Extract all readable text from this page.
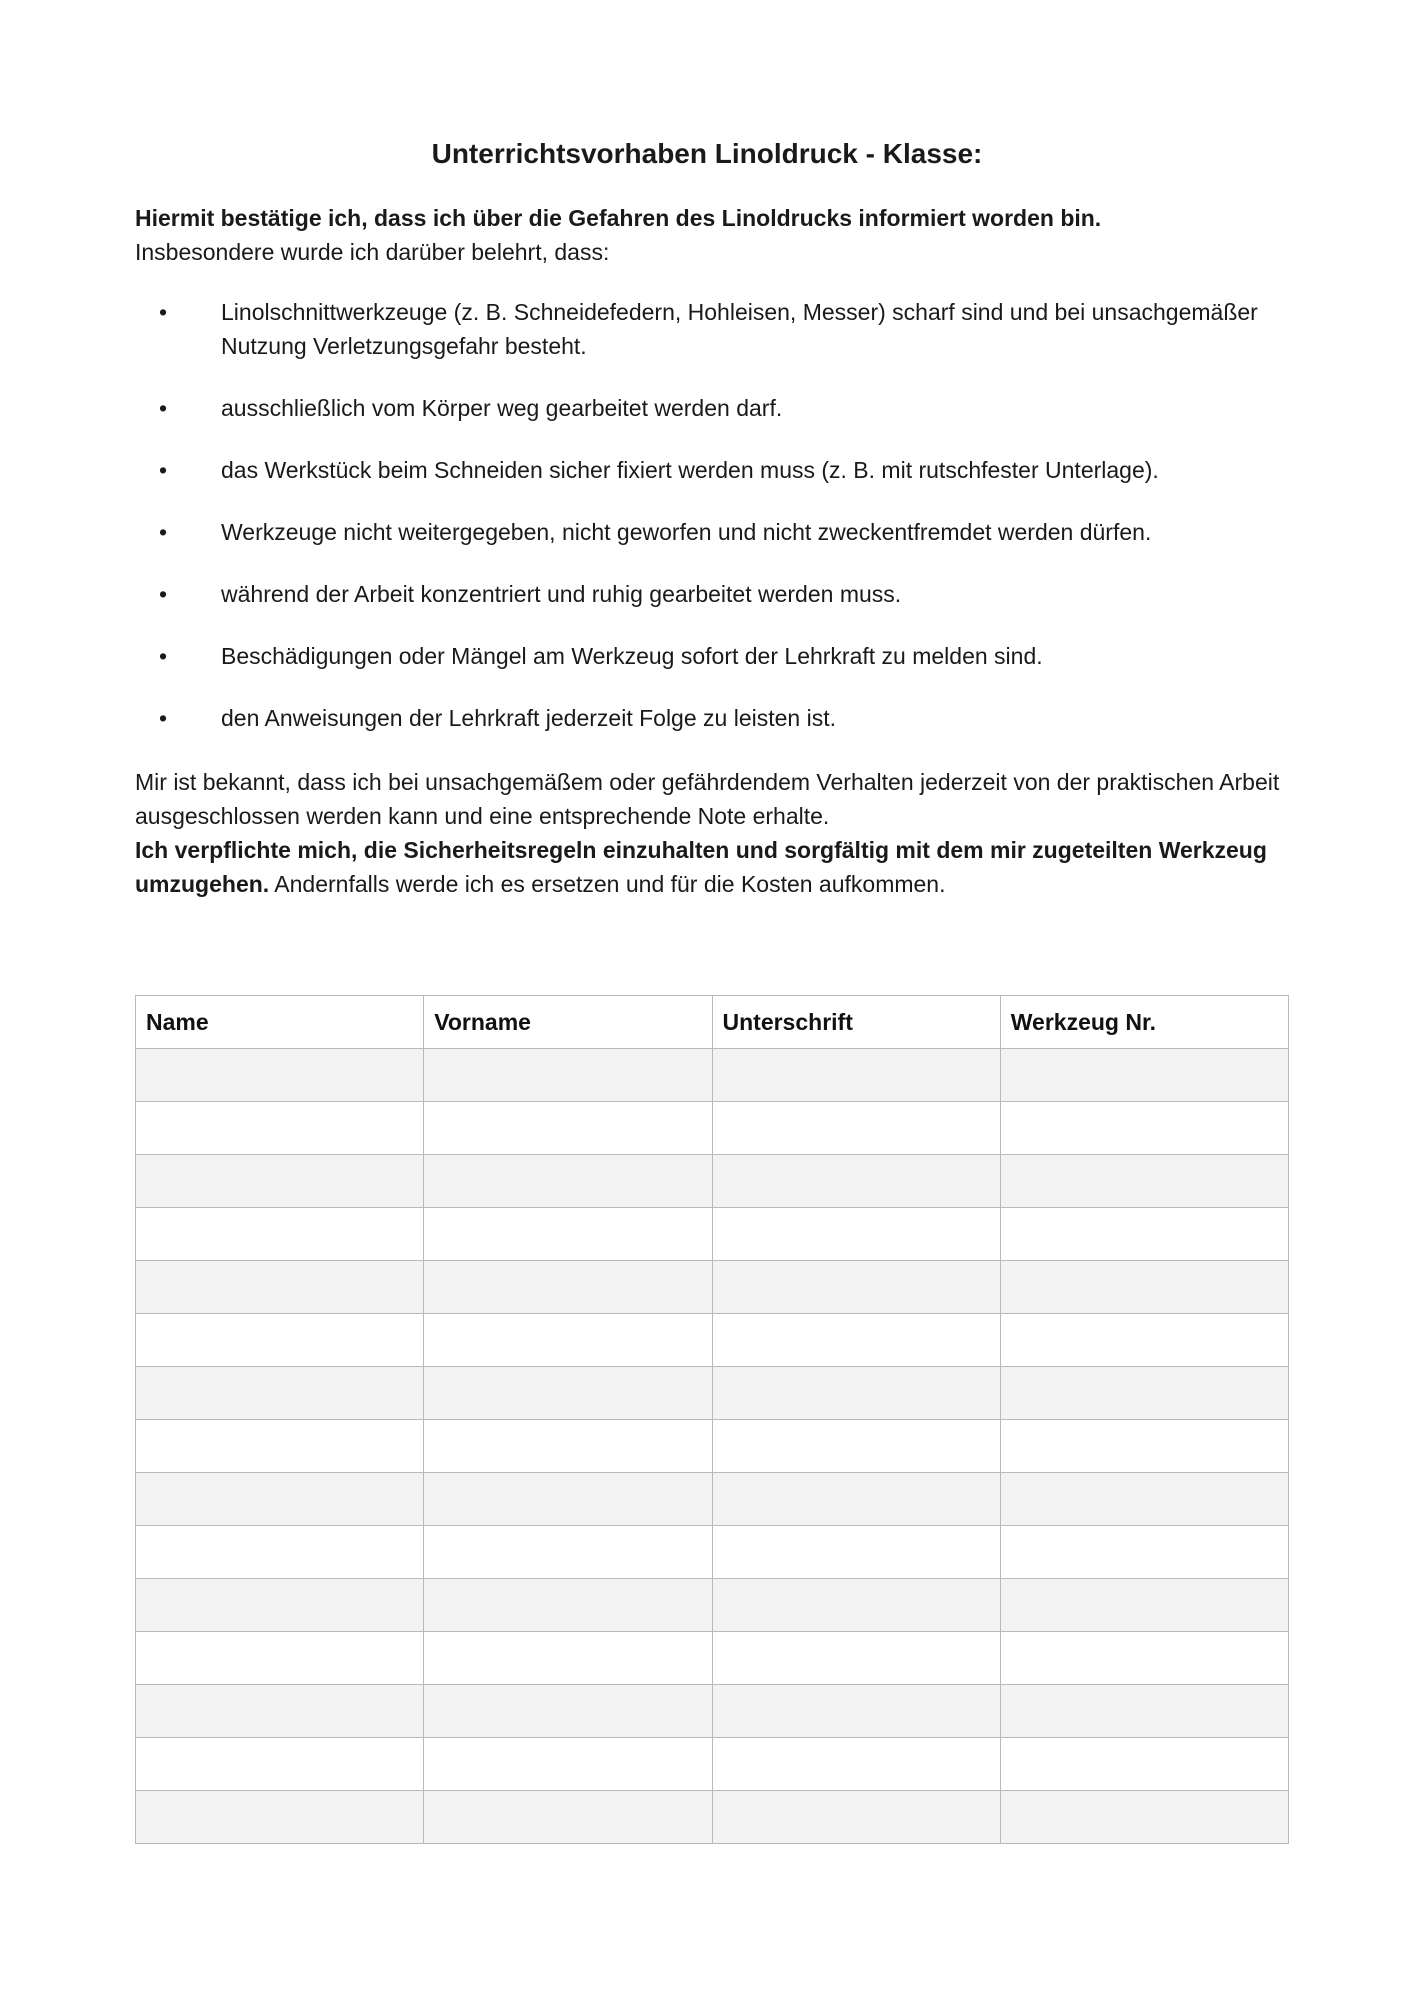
Unterrichtsvorhaben Linoldruck - Klasse:
Hiermit bestätige ich, dass ich über die Gefahren des Linoldrucks informiert worden bin.
Insbesondere wurde ich darüber belehrt, dass:
•	Linolschnittwerkzeuge (z. B. Schneidefedern, Hohleisen, Messer) scharf sind und bei unsachgemäßer Nutzung Verletzungsgefahr besteht.
•	ausschließlich vom Körper weg gearbeitet werden darf.
•	das Werkstück beim Schneiden sicher fixiert werden muss (z. B. mit rutschfester Unterlage).
•	Werkzeuge nicht weitergegeben, nicht geworfen und nicht zweckentfremdet werden dürfen.
•	während der Arbeit konzentriert und ruhig gearbeitet werden muss.
•	Beschädigungen oder Mängel am Werkzeug sofort der Lehrkraft zu melden sind.
•	den Anweisungen der Lehrkraft jederzeit Folge zu leisten ist.

Mir ist bekannt, dass ich bei unsachgemäßem oder gefährdendem Verhalten jederzeit von der praktischen Arbeit ausgeschlossen werden kann und eine entsprechende Note erhalte.
Ich verpflichte mich, die Sicherheitsregeln einzuhalten und sorgfältig mit dem mir zugeteilten Werkzeug umzugehen. Andernfalls werde ich es ersetzen und für die Kosten aufkommen.

Name	Vorname	Unterschrift	Werkzeug Nr.
